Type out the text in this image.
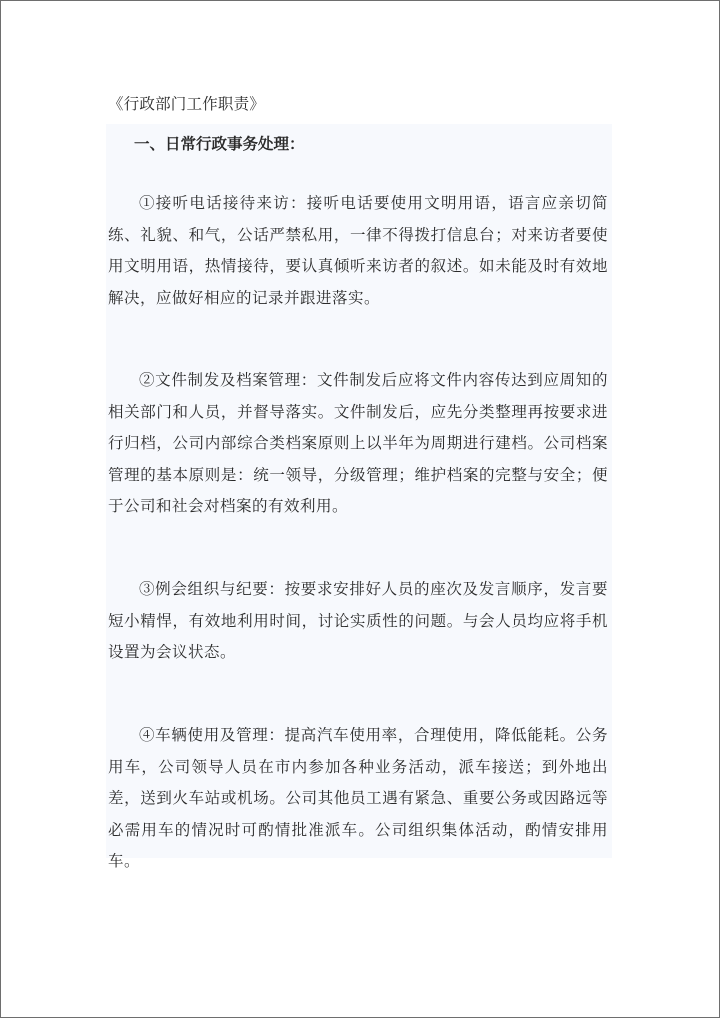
《行政部门工作职责》
一、日常行政事务处理：

①接听电话接待来访：接听电话要使用文明用语，语言应亲切简练、礼貌、和气，公话严禁私用，一律不得拨打信息台；对来访者要使用文明用语，热情接待，要认真倾听来访者的叙述。如未能及时有效地解决，应做好相应的记录并跟进落实。

②文件制发及档案管理：文件制发后应将文件内容传达到应周知的相关部门和人员，并督导落实。文件制发后，应先分类整理再按要求进行归档，公司内部综合类档案原则上以半年为周期进行建档。公司档案管理的基本原则是：统一领导，分级管理；维护档案的完整与安全；便于公司和社会对档案的有效利用。

③例会组织与纪要：按要求安排好人员的座次及发言顺序，发言要短小精悍，有效地利用时间，讨论实质性的问题。与会人员均应将手机设置为会议状态。

④车辆使用及管理：提高汽车使用率，合理使用，降低能耗。公务用车，公司领导人员在市内参加各种业务活动，派车接送；到外地出差，送到火车站或机场。公司其他员工遇有紧急、重要公务或因路远等必需用车的情况时可酌情批准派车。公司组织集体活动，酌情安排用车。
